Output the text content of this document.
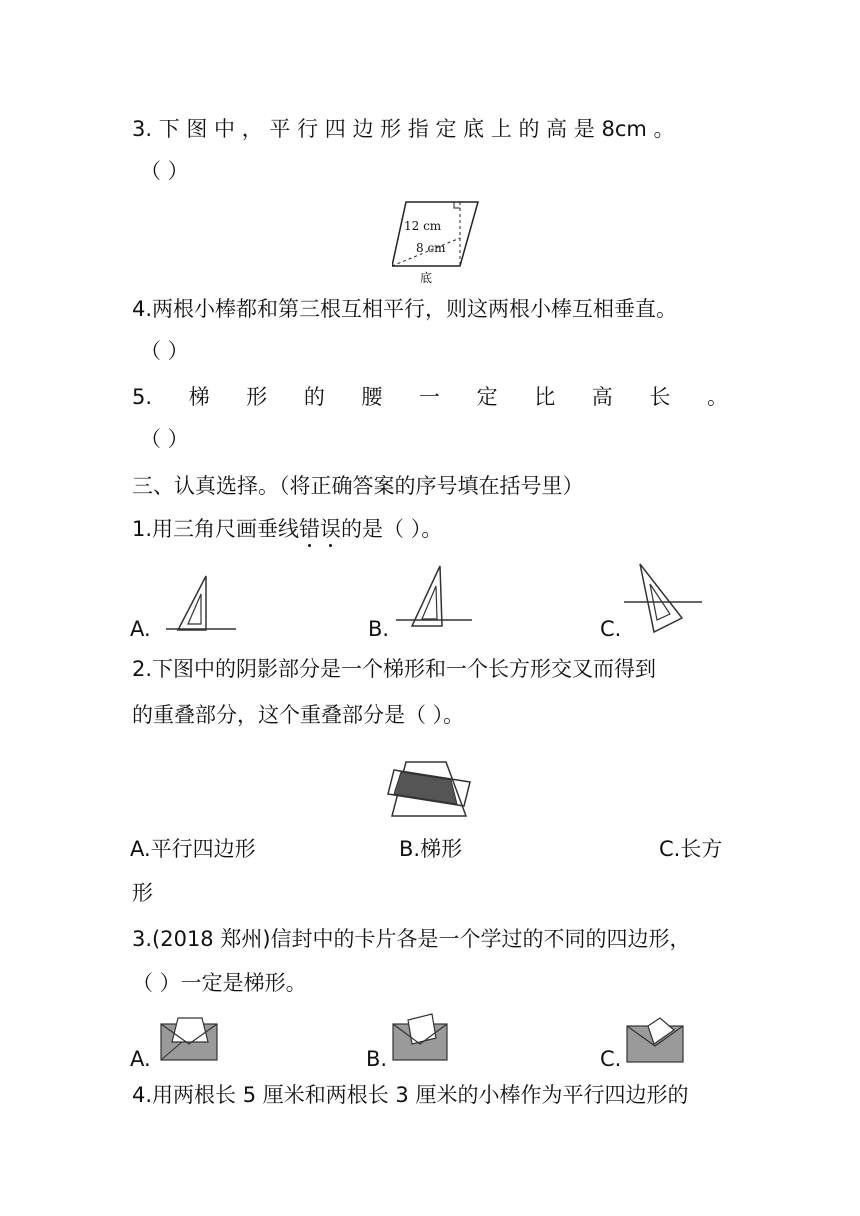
3. 下 图 中 ， 平 行 四 边 形 指 定 底 上 的 高 是 8cm 。
（ ）
12 cm
8 cm
底
4.两根小棒都和第三根互相平行，则这两根小棒互相垂直。
（ ）
5. 梯 形 的 腰 一 定 比 高 长 。
（ ）
三、认真选择。（将正确答案的序号填在括号里）
1.用三角尺画垂线错误的是（ ）。
A.	B.	C.
2.下图中的阴影部分是一个梯形和一个长方形交叉而得到
的重叠部分，这个重叠部分是（ ）。
A.平行四边形	B.梯形	C.长方
形
3.(2018 郑州)信封中的卡片各是一个学过的不同的四边形，
（ ）一定是梯形。
A.	B.	C.
4.用两根长 5 厘米和两根长 3 厘米的小棒作为平行四边形的
